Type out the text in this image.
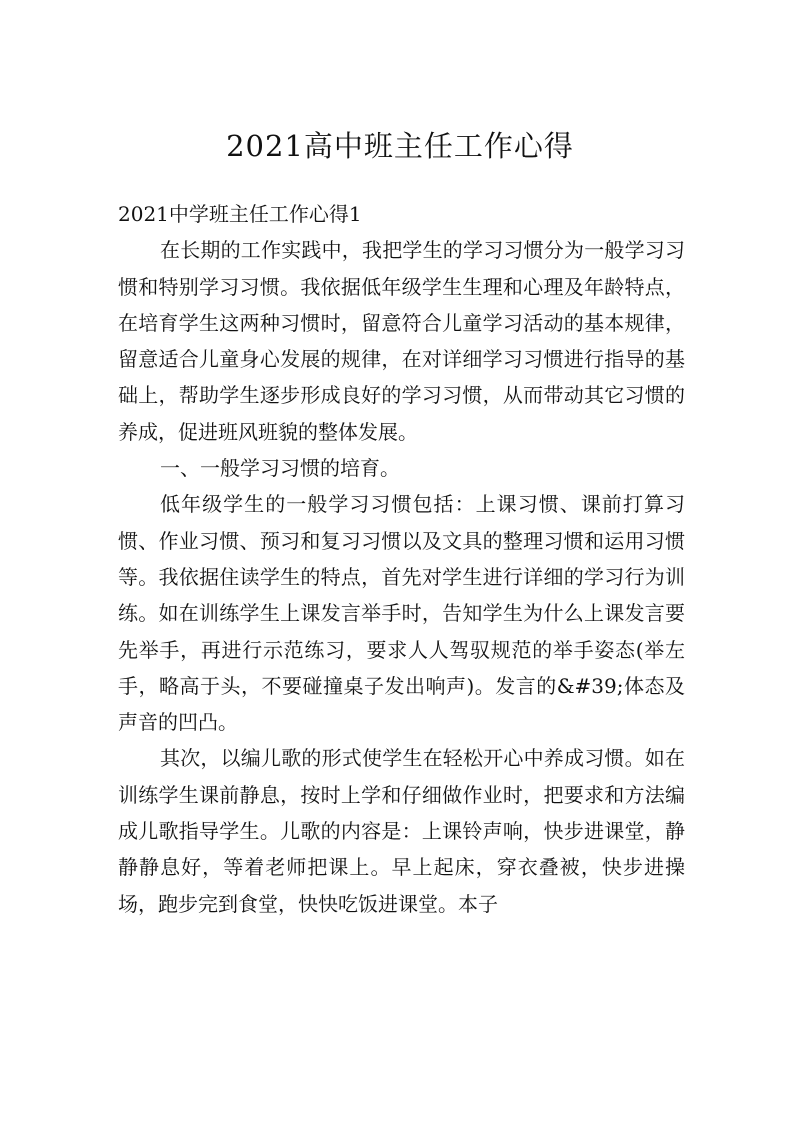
2021高中班主任工作心得

2021中学班主任工作心得1

在长期的工作实践中，我把学生的学习习惯分为一般学习习惯和特别学习习惯。我依据低年级学生生理和心理及年龄特点，在培育学生这两种习惯时，留意符合儿童学习活动的基本规律，留意适合儿童身心发展的规律，在对详细学习习惯进行指导的基础上，帮助学生逐步形成良好的学习习惯，从而带动其它习惯的养成，促进班风班貌的整体发展。

一、一般学习习惯的培育。

低年级学生的一般学习习惯包括：上课习惯、课前打算习惯、作业习惯、预习和复习习惯以及文具的整理习惯和运用习惯等。我依据住读学生的特点，首先对学生进行详细的学习行为训练。如在训练学生上课发言举手时，告知学生为什么上课发言要先举手，再进行示范练习，要求人人驾驭规范的举手姿态(举左手，略高于头，不要碰撞桌子发出响声)。发言的&#39;体态及声音的凹凸。

其次，以编儿歌的形式使学生在轻松开心中养成习惯。如在训练学生课前静息，按时上学和仔细做作业时，把要求和方法编成儿歌指导学生。儿歌的内容是：上课铃声响，快步进课堂，静静静息好，等着老师把课上。早上起床，穿衣叠被，快步进操场，跑步完到食堂，快快吃饭进课堂。本子
